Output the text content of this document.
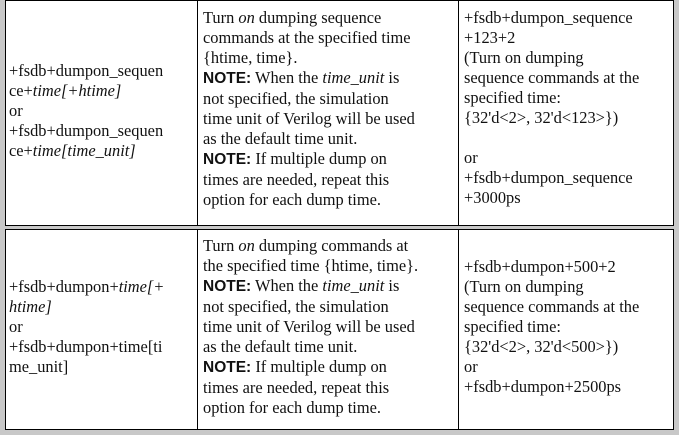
+fsdb+dumpon_sequen
ce+time[+htime]
or
+fsdb+dumpon_sequen
ce+time[time_unit]
Turn on dumping sequence
commands at the specified time
{htime, time}.
NOTE: When the time_unit is
not specified, the simulation
time unit of Verilog will be used
as the default time unit.
NOTE: If multiple dump on
times are needed, repeat this
option for each dump time.
+fsdb+dumpon_sequence
+123+2
(Turn on dumping
sequence commands at the
specified time:
{32'd<2>, 32'd<123>})
or
+fsdb+dumpon_sequence
+3000ps
+fsdb+dumpon+time[+
htime]
or
+fsdb+dumpon+time[ti
me_unit]
Turn on dumping commands at
the specified time {htime, time}.
NOTE: When the time_unit is
not specified, the simulation
time unit of Verilog will be used
as the default time unit.
NOTE: If multiple dump on
times are needed, repeat this
option for each dump time.
+fsdb+dumpon+500+2
(Turn on dumping
sequence commands at the
specified time:
{32'd<2>, 32'd<500>})
or
+fsdb+dumpon+2500ps
